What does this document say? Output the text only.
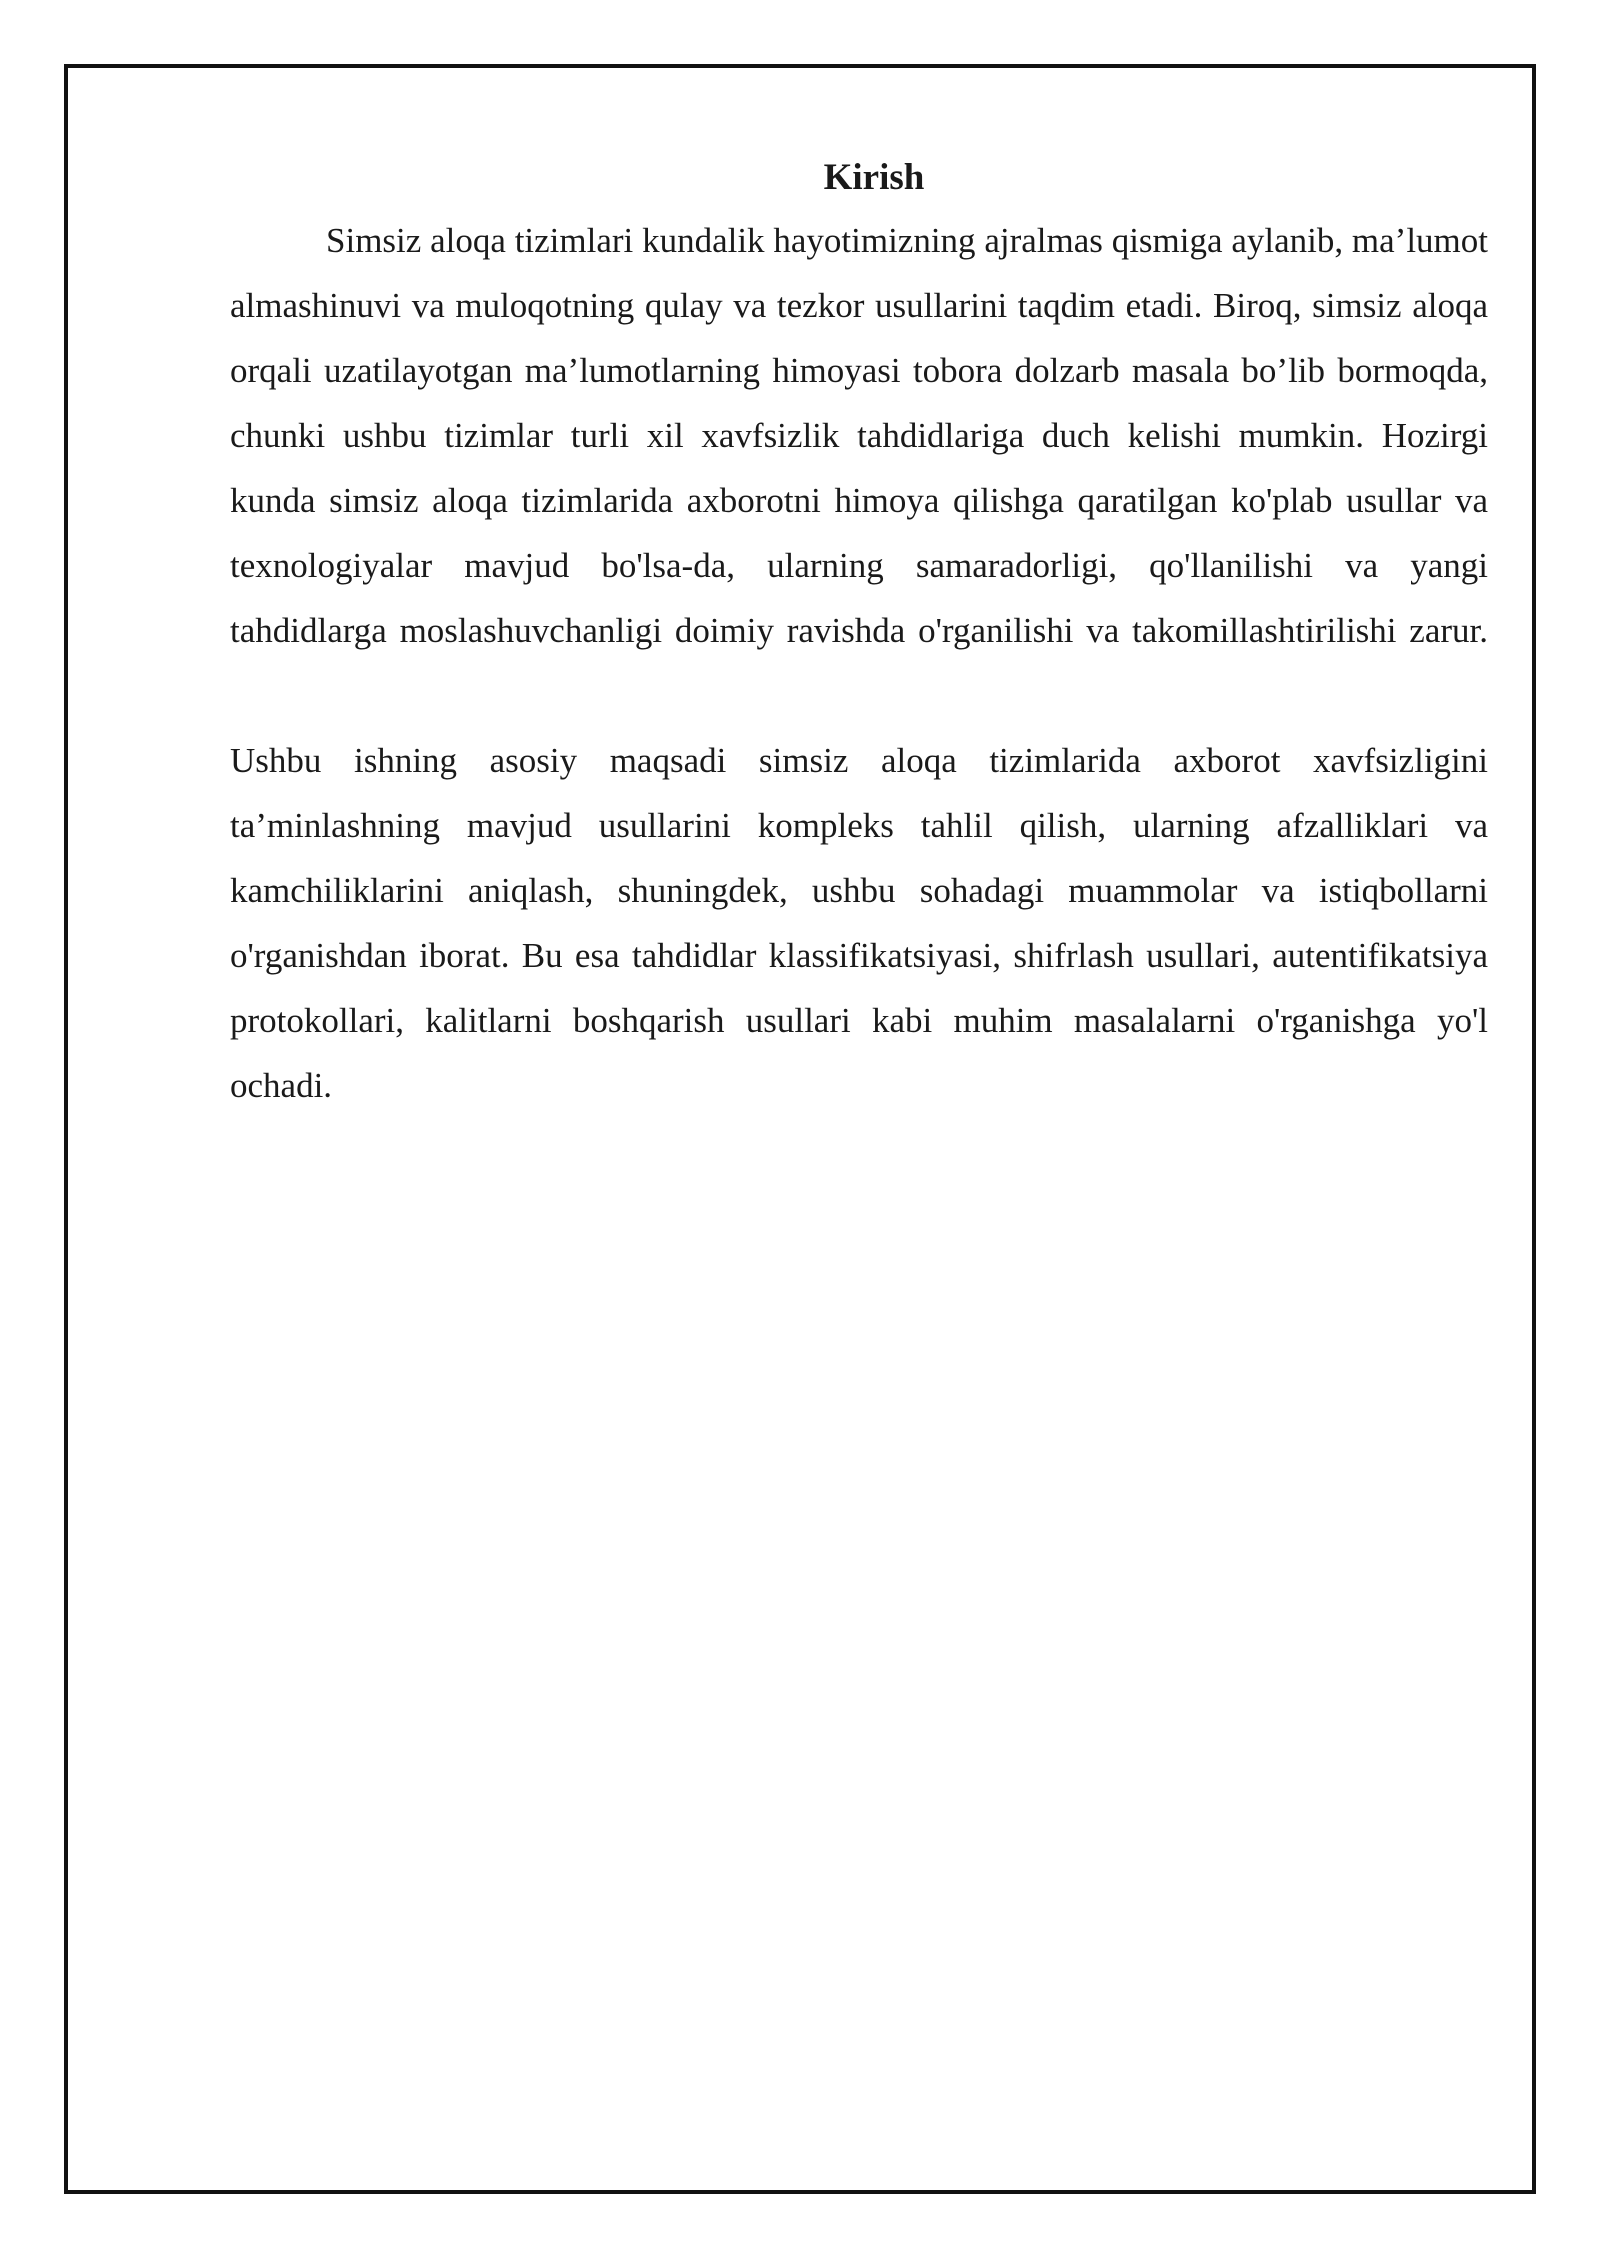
Kirish

Simsiz aloqa tizimlari kundalik hayotimizning ajralmas qismiga aylanib, ma’lumot almashinuvi va muloqotning qulay va tezkor usullarini taqdim etadi. Biroq, simsiz aloqa orqali uzatilayotgan ma’lumotlarning himoyasi tobora dolzarb masala bo’lib bormoqda, chunki ushbu tizimlar turli xil xavfsizlik tahdidlariga duch kelishi mumkin. Hozirgi kunda simsiz aloqa tizimlarida axborotni himoya qilishga qaratilgan ko'plab usullar va texnologiyalar mavjud bo'lsa-da, ularning samaradorligi, qo'llanilishi va yangi tahdidlarga moslashuvchanligi doimiy ravishda o'rganilishi va takomillashtirilishi zarur.

Ushbu ishning asosiy maqsadi simsiz aloqa tizimlarida axborot xavfsizligini ta’minlashning mavjud usullarini kompleks tahlil qilish, ularning afzalliklari va kamchiliklarini aniqlash, shuningdek, ushbu sohadagi muammolar va istiqbollarni o'rganishdan iborat. Bu esa tahdidlar klassifikatsiyasi, shifrlash usullari, autentifikatsiya protokollari, kalitlarni boshqarish usullari kabi muhim masalalarni o'rganishga yo'l ochadi.
